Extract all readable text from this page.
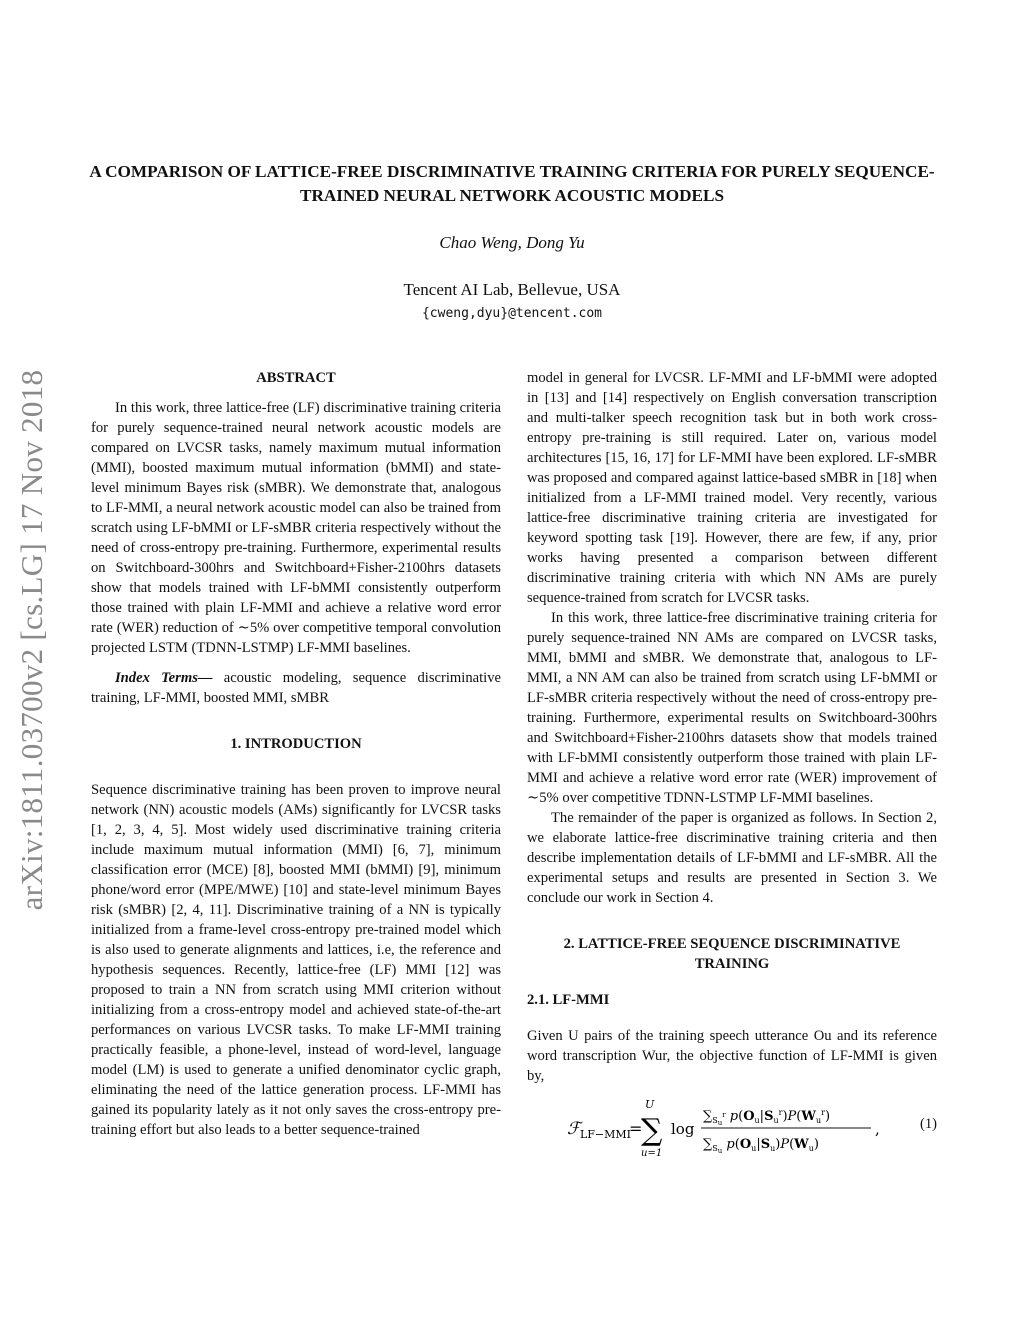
arXiv:1811.03700v2 [cs.LG] 17 Nov 2018
A COMPARISON OF LATTICE-FREE DISCRIMINATIVE TRAINING CRITERIA FOR PURELY SEQUENCE-TRAINED NEURAL NETWORK ACOUSTIC MODELS
Chao Weng, Dong Yu
Tencent AI Lab, Bellevue, USA
{cweng,dyu}@tencent.com
ABSTRACT

In this work, three lattice-free (LF) discriminative training criteria for purely sequence-trained neural network acoustic models are compared on LVCSR tasks, namely maximum mutual information (MMI), boosted maximum mutual information (bMMI) and state-level minimum Bayes risk (sMBR). We demonstrate that, analogous to LF-MMI, a neural network acoustic model can also be trained from scratch using LF-bMMI or LF-sMBR criteria respectively without the need of cross-entropy pre-training. Furthermore, experimental results on Switchboard-300hrs and Switchboard+Fisher-2100hrs datasets show that models trained with LF-bMMI consistently outperform those trained with plain LF-MMI and achieve a relative word error rate (WER) reduction of ∼5% over competitive temporal convolution projected LSTM (TDNN-LSTMP) LF-MMI baselines.

Index Terms— acoustic modeling, sequence discriminative training, LF-MMI, boosted MMI, sMBR

1. INTRODUCTION

Sequence discriminative training has been proven to improve neural network (NN) acoustic models (AMs) significantly for LVCSR tasks [1, 2, 3, 4, 5]. Most widely used discriminative training criteria include maximum mutual information (MMI) [6, 7], minimum classification error (MCE) [8], boosted MMI (bMMI) [9], minimum phone/word error (MPE/MWE) [10] and state-level minimum Bayes risk (sMBR) [2, 4, 11]. Discriminative training of a NN is typically initialized from a frame-level cross-entropy pre-trained model which is also used to generate alignments and lattices, i.e, the reference and hypothesis sequences. Recently, lattice-free (LF) MMI [12] was proposed to train a NN from scratch using MMI criterion without initializing from a cross-entropy model and achieved state-of-the-art performances on various LVCSR tasks. To make LF-MMI training practically feasible, a phone-level, instead of word-level, language model (LM) is used to generate a unified denominator cyclic graph, eliminating the need of the lattice generation process. LF-MMI has gained its popularity lately as it not only saves the cross-entropy pre-training effort but also leads to a better sequence-trained

model in general for LVCSR. LF-MMI and LF-bMMI were adopted in [13] and [14] respectively on English conversation transcription and multi-talker speech recognition task but in both work cross-entropy pre-training is still required. Later on, various model architectures [15, 16, 17] for LF-MMI have been explored. LF-sMBR was proposed and compared against lattice-based sMBR in [18] when initialized from a LF-MMI trained model. Very recently, various lattice-free discriminative training criteria are investigated for keyword spotting task [19]. However, there are few, if any, prior works having presented a comparison between different discriminative training criteria with which NN AMs are purely sequence-trained from scratch for LVCSR tasks.

In this work, three lattice-free discriminative training criteria for purely sequence-trained NN AMs are compared on LVCSR tasks, MMI, bMMI and sMBR. We demonstrate that, analogous to LF-MMI, a NN AM can also be trained from scratch using LF-bMMI or LF-sMBR criteria respectively without the need of cross-entropy pre-training. Furthermore, experimental results on Switchboard-300hrs and Switchboard+Fisher-2100hrs datasets show that models trained with LF-bMMI consistently outperform those trained with plain LF-MMI and achieve a relative word error rate (WER) improvement of ∼5% over competitive TDNN-LSTMP LF-MMI baselines.

The remainder of the paper is organized as follows. In Section 2, we elaborate lattice-free discriminative training criteria and then describe implementation details of LF-bMMI and LF-sMBR. All the experimental setups and results are presented in Section 3. We conclude our work in Section 4.

2. LATTICE-FREE SEQUENCE DISCRIMINATIVE TRAINING
2.1. LF-MMI

Given U pairs of the training speech utterance Ou and its reference word transcription Wur, the objective function of LF-MMI is given by,

ℱ LF−MMI
=
U
∑
u=1
log
$\sum_Su^r$ $p(O_u|S_u^r)P(W_u^r)$
$\sum_Su$ $p(O_u|S_u)P(W_u)$
,	(1)
